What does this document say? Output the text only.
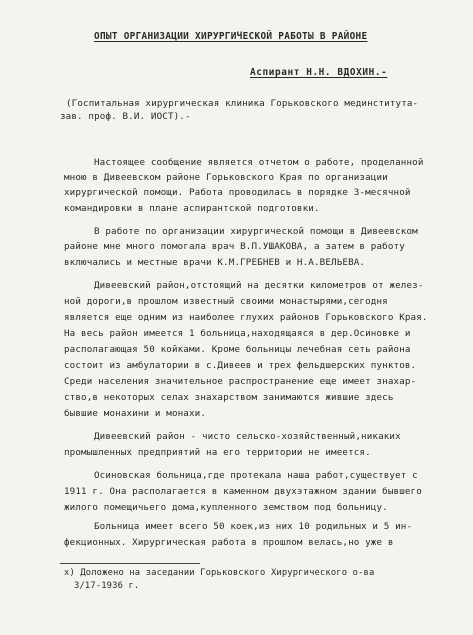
ОПЫТ ОРГАНИЗАЦИИ ХИРУРГИЧЕСКОЙ РАБОТЫ В РАЙОНЕ
Аспирант Н.Н. ВДОХИН.-
(Госпитальная хирургическая клиника Горьковского мединститута-
зав. проф. В.И. ИОСТ).-
Настоящее сообщение является отчетом о работе, проделанной
мною в Дивеевском районе Горьковского Края по организации
хирургической помощи. Работа проводилась в порядке 3-месячной
командировки в плане аспирантской подготовки.
В работе по организации хирургической помощи в Дивеевском
районе мне много помогала врач В.П.УШАКОВА, а затем в работу
включались и местные врачи К.М.ГРЕБНЕВ и Н.А.ВЕЛЬЕВА.
Дивеевский район,отстоящий на десятки километров от желез-
ной дороги,в прошлом известный своими монастырями,сегодня
является еще одним из наиболее глухих районов Горьковского Края.
На весь район имеется 1 больница,находящаяся в дер.Осиновке и
располагающая 50 койками. Кроме больницы лечебная сеть района
состоит из амбулатории в с.Дивеев и трех фельдшерских пунктов.
Среди населения значительное распространение еще имеет знахар-
ство,в некоторых селах знахарством занимаются жившие здесь
бывшие монахини и монахи.
Дивеевский район - чисто сельско-хозяйственный,никаких
промышленных предприятий на его территории не имеется.
Осиновская больница,где протекала наша работ,существует с
1911 г. Она располагается в каменном двухэтажном здании бывшего
жилого помещичьего дома,купленного земством под больницу.
Больница имеет всего 50 коек,из них 10 родильных и 5 ин-
фекционных. Хирургическая работа в прошлом велась,но уже в
х) Доложено на заседании Горьковского Хирургического о-ва
3/17-1936 г.
